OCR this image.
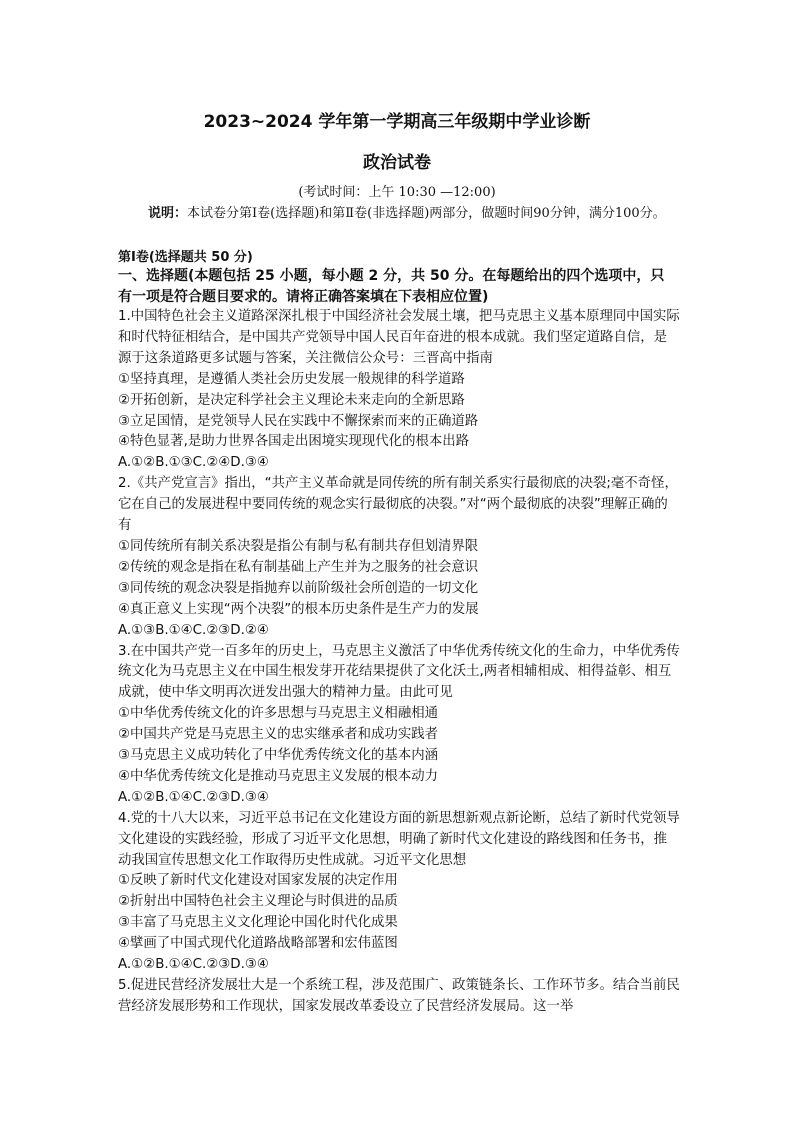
2023~2024 学年第一学期高三年级期中学业诊断
政治试卷

(考试时间：上午 10:30 —12:00)

说明：本试卷分第Ⅰ卷(选择题)和第Ⅱ卷(非选择题)两部分，做题时间90分钟，满分100分。

第Ⅰ卷(选择题共 50 分)

一、选择题(本题包括 25 小题，每小题 2 分，共 50 分。在每题给出的四个选项中，只有一项是符合题目要求的。请将正确答案填在下表相应位置)

1.中国特色社会主义道路深深扎根于中国经济社会发展土壤，把马克思主义基本原理同中国实际和时代特征相结合，是中国共产党领导中国人民百年奋进的根本成就。我们坚定道路自信，是源于这条道路更多试题与答案，关注微信公众号：三晋高中指南

①坚持真理，是遵循人类社会历史发展一般规律的科学道路

②开拓创新，是决定科学社会主义理论未来走向的全新思路

③立足国情，是党领导人民在实践中不懈探索而来的正确道路

④特色显著,是助力世界各国走出困境实现现代化的根本出路

A.①②B.①③C.②④D.③④

2.《共产党宣言》指出，“共产主义革命就是同传统的所有制关系实行最彻底的决裂;毫不奇怪，它在自己的发展进程中要同传统的观念实行最彻底的决裂。”对“两个最彻底的决裂”理解正确的有

①同传统所有制关系决裂是指公有制与私有制共存但划清界限

②传统的观念是指在私有制基础上产生并为之服务的社会意识

③同传统的观念决裂是指抛弃以前阶级社会所创造的一切文化

④真正意义上实现“两个决裂”的根本历史条件是生产力的发展

A.①③B.①④C.②③D.②④

3.在中国共产党一百多年的历史上，马克思主义激活了中华优秀传统文化的生命力，中华优秀传统文化为马克思主义在中国生根发芽开花结果提供了文化沃土,两者相辅相成、相得益彰、相互成就，使中华文明再次迸发出强大的精神力量。由此可见

①中华优秀传统文化的许多思想与马克思主义相融相通

②中国共产党是马克思主义的忠实继承者和成功实践者

③马克思主义成功转化了中华优秀传统文化的基本内涵

④中华优秀传统文化是推动马克思主义发展的根本动力

A.①②B.①④C.②③D.③④

4.党的十八大以来，习近平总书记在文化建设方面的新思想新观点新论断，总结了新时代党领导文化建设的实践经验，形成了习近平文化思想，明确了新时代文化建设的路线图和任务书，推动我国宣传思想文化工作取得历史性成就。习近平文化思想

①反映了新时代文化建设对国家发展的决定作用

②折射出中国特色社会主义理论与时俱进的品质

③丰富了马克思主义文化理论中国化时代化成果

④擘画了中国式现代化道路战略部署和宏伟蓝图

A.①②B.①④C.②③D.③④

5.促进民营经济发展壮大是一个系统工程，涉及范围广、政策链条长、工作环节多。结合当前民营经济发展形势和工作现状，国家发展改革委设立了民营经济发展局。这一举
